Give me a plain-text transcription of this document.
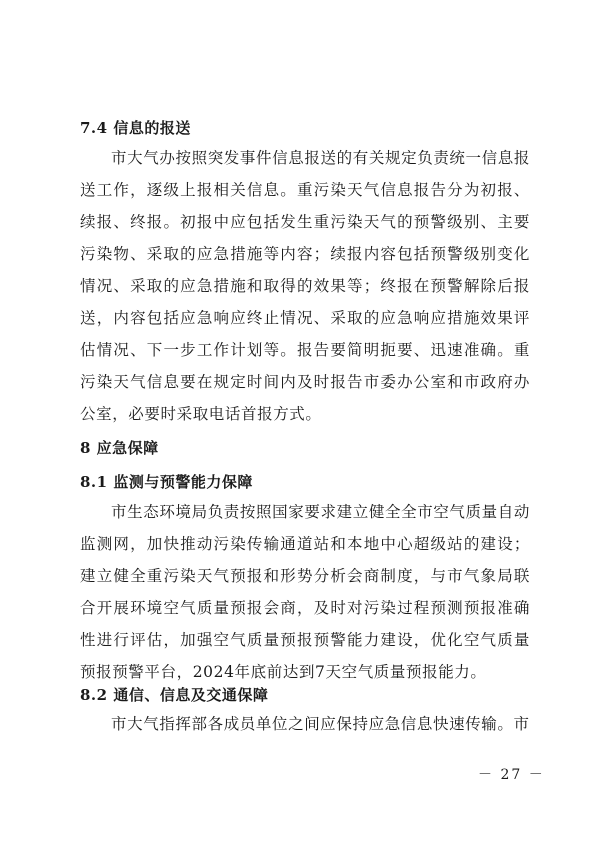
7.4 信息的报送

市大气办按照突发事件信息报送的有关规定负责统一信息报送工作，逐级上报相关信息。重污染天气信息报告分为初报、续报、终报。初报中应包括发生重污染天气的预警级别、主要污染物、采取的应急措施等内容；续报内容包括预警级别变化情况、采取的应急措施和取得的效果等；终报在预警解除后报送，内容包括应急响应终止情况、采取的应急响应措施效果评估情况、下一步工作计划等。报告要简明扼要、迅速准确。重污染天气信息要在规定时间内及时报告市委办公室和市政府办公室，必要时采取电话首报方式。

8 应急保障
8.1 监测与预警能力保障

市生态环境局负责按照国家要求建立健全全市空气质量自动监测网，加快推动污染传输通道站和本地中心超级站的建设；建立健全重污染天气预报和形势分析会商制度，与市气象局联合开展环境空气质量预报会商，及时对污染过程预测预报准确性进行评估，加强空气质量预报预警能力建设，优化空气质量预报预警平台，2024年底前达到7天空气质量预报能力。

8.2 通信、信息及交通保障

市大气指挥部各成员单位之间应保持应急信息快速传输。市

－ 27 －
